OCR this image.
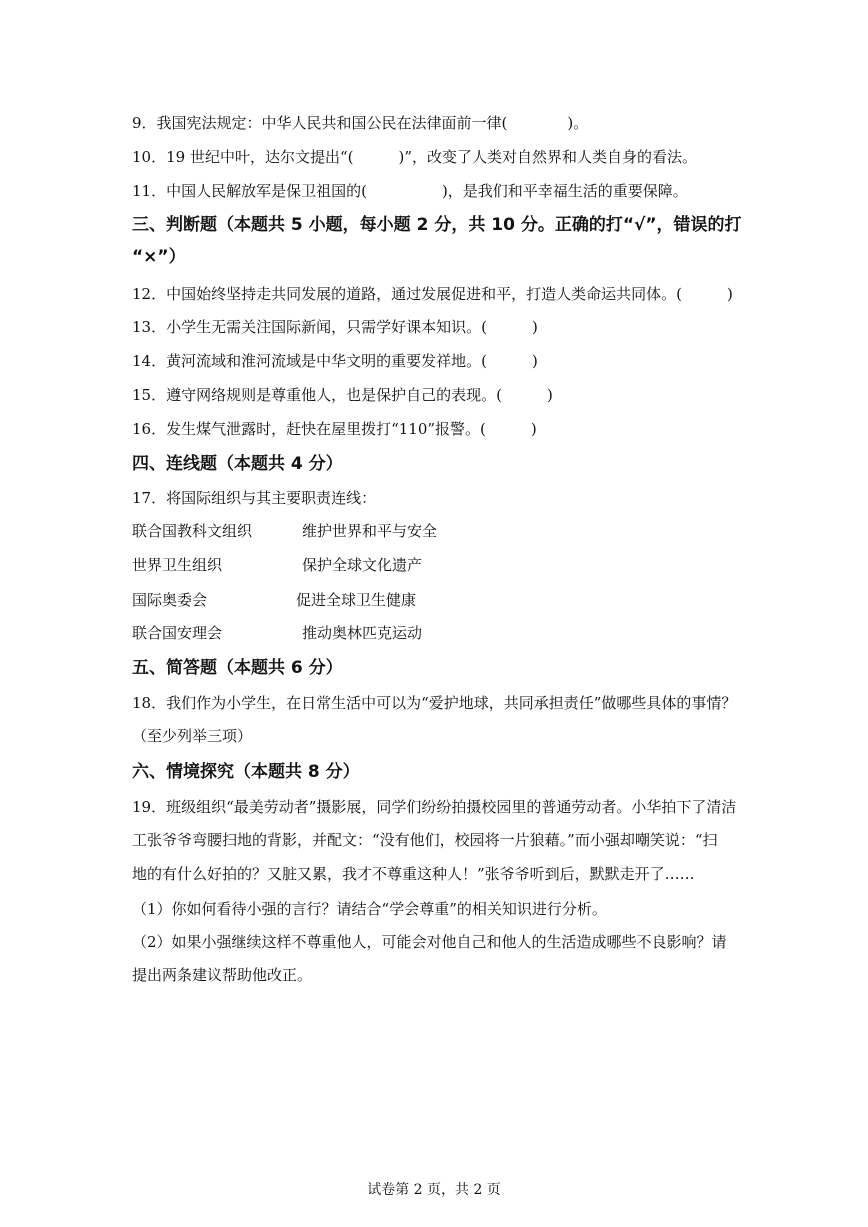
9．我国宪法规定：中华人民共和国公民在法律面前一律(　　　　)。
10．19 世纪中叶，达尔文提出“(　　　)”，改变了人类对自然界和人类自身的看法。
11．中国人民解放军是保卫祖国的(　　　　　)，是我们和平幸福生活的重要保障。
三、判断题（本题共 5 小题，每小题 2 分，共 10 分。正确的打“√”，错误的打
“×”）
12．中国始终坚持走共同发展的道路，通过发展促进和平，打造人类命运共同体。(　　　)
13．小学生无需关注国际新闻，只需学好课本知识。(　　　)
14．黄河流域和淮河流域是中华文明的重要发祥地。(　　　)
15．遵守网络规则是尊重他人，也是保护自己的表现。(　　　)
16．发生煤气泄露时，赶快在屋里拨打“110”报警。(　　　)
四、连线题（本题共 4 分）
17．将国际组织与其主要职责连线：
联合国教科文组织	维护世界和平与安全
世界卫生组织	保护全球文化遗产
国际奥委会	促进全球卫生健康
联合国安理会	推动奥林匹克运动
五、简答题（本题共 6 分）
18．我们作为小学生，在日常生活中可以为“爱护地球，共同承担责任”做哪些具体的事情？
（至少列举三项）
六、情境探究（本题共 8 分）
19．班级组织“最美劳动者”摄影展，同学们纷纷拍摄校园里的普通劳动者。小华拍下了清洁
工张爷爷弯腰扫地的背影，并配文：“没有他们，校园将一片狼藉。”而小强却嘲笑说：“扫
地的有什么好拍的？又脏又累，我才不尊重这种人！”张爷爷听到后，默默走开了……
（1）你如何看待小强的言行？请结合“学会尊重”的相关知识进行分析。
（2）如果小强继续这样不尊重他人，可能会对他自己和他人的生活造成哪些不良影响？请
提出两条建议帮助他改正。
试卷第 2 页，共 2 页
